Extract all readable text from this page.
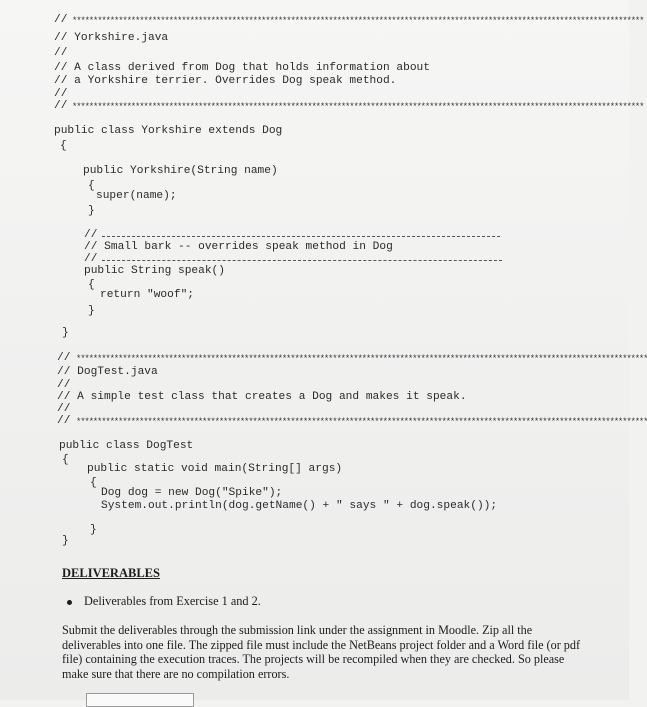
//
****************************************************************************************************************************************
// Yorkshire.java
//
// A class derived from Dog that holds information about
// a Yorkshire terrier. Overrides Dog speak method.
//
//
****************************************************************************************************************************************
public class Yorkshire extends Dog
{
public Yorkshire(String name)
{
super(name);
}
//
// Small bark -- overrides speak method in Dog
//
public String speak()
{
return "woof";
}
}
//
****************************************************************************************************************************************
// DogTest.java
//
// A simple test class that creates a Dog and makes it speak.
//
//
****************************************************************************************************************************************
public class DogTest
{
public static void main(String[] args)
{
Dog dog = new Dog("Spike");
System.out.println(dog.getName() + " says " + dog.speak());
}
}
DELIVERABLES
Deliverables from Exercise 1 and 2.
Submit the deliverables through the submission link under the assignment in Moodle. Zip all the deliverables into one file. The zipped file must include the NetBeans project folder and a Word file (or pdf file) containing the execution traces. The projects will be recompiled when they are checked. So please make sure that there are no compilation errors.
